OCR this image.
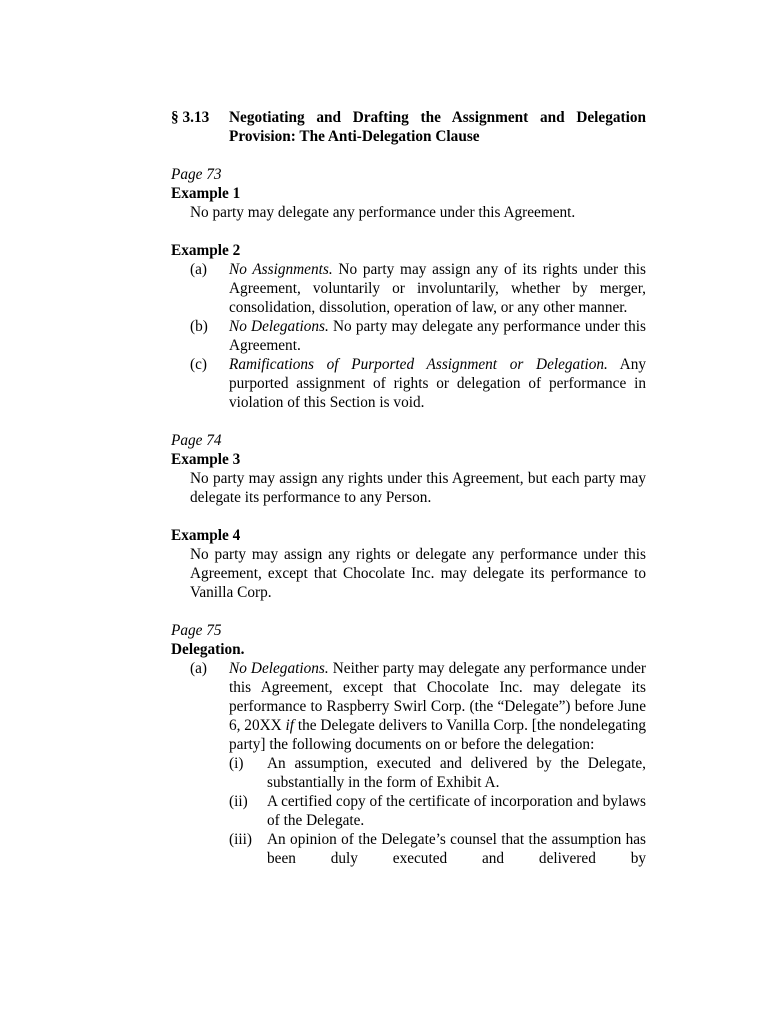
§ 3.13	Negotiating and Drafting the Assignment and Delegation Provision: The Anti-Delegation Clause
Page 73
Example 1
No party may delegate any performance under this Agreement.
Example 2
(a)	No Assignments. No party may assign any of its rights under this Agreement, voluntarily or involuntarily, whether by merger, consolidation, dissolution, operation of law, or any other manner.
(b)	No Delegations. No party may delegate any performance under this Agreement.
(c)	Ramifications of Purported Assignment or Delegation. Any purported assignment of rights or delegation of performance in violation of this Section is void.
Page 74
Example 3
No party may assign any rights under this Agreement, but each party may delegate its performance to any Person.
Example 4
No party may assign any rights or delegate any performance under this Agreement, except that Chocolate Inc. may delegate its performance to Vanilla Corp.
Page 75
Delegation.
(a)	No Delegations. Neither party may delegate any performance under this Agreement, except that Chocolate Inc. may delegate its performance to Raspberry Swirl Corp. (the “Delegate”) before June 6, 20XX if the Delegate delivers to Vanilla Corp. [the nondelegating party] the following documents on or before the delegation:
(i)	An assumption, executed and delivered by the Delegate, substantially in the form of Exhibit A.
(ii)	A certified copy of the certificate of incorporation and bylaws of the Delegate.
(iii) An opinion of the Delegate’s counsel that the assumption has been duly executed and delivered by
